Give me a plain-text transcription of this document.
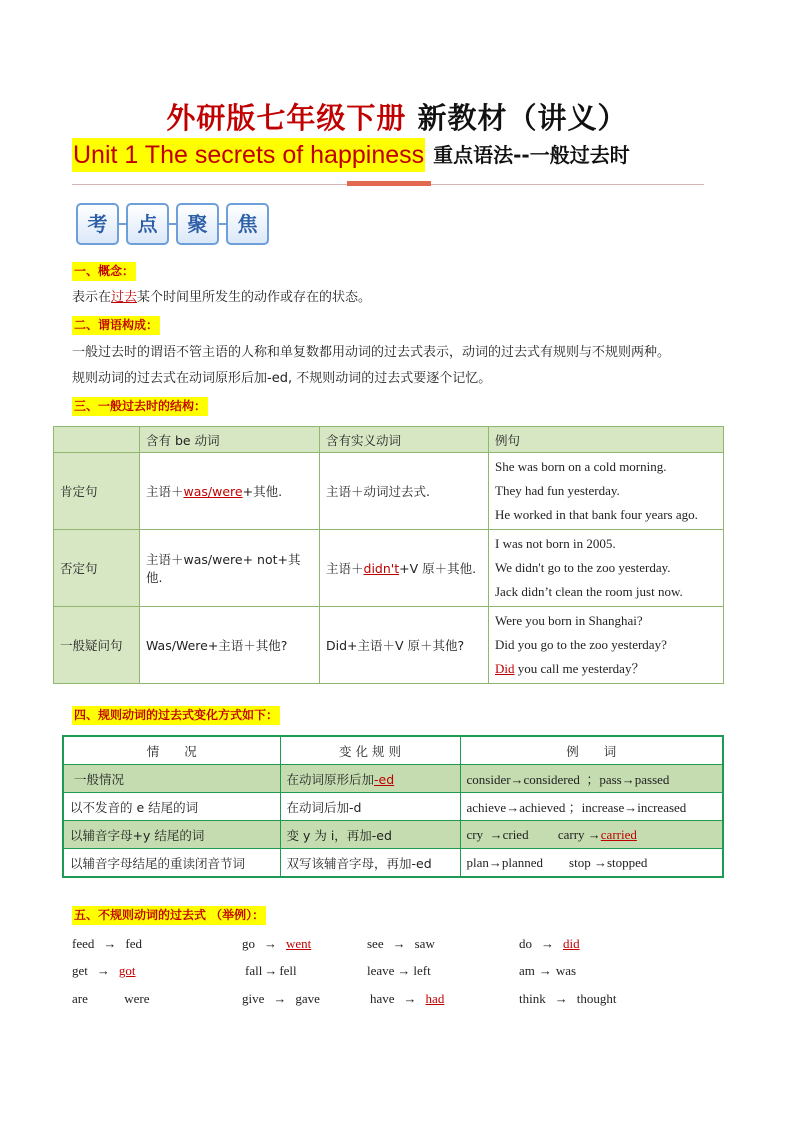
外研版七年级下册 新教材（讲义）
Unit 1 The secrets of happiness 重点语法--一般过去时
考	点	聚	焦
一、概念：
表示在过去某个时间里所发生的动作或存在的状态。
二、谓语构成：
一般过去时的谓语不管主语的人称和单复数都用动词的过去式表示，动词的过去式有规则与不规则两种。
规则动词的过去式在动词原形后加-ed, 不规则动词的过去式要逐个记忆。
三、一般过去时的结构：
	含有 be 动词	含有实义动词	例句
肯定句	主语＋was/were+其他.	主语＋动词过去式.	She was born on a cold morning.
They had fun yesterday.
He worked in that bank four years ago.

否定句	主语＋was/were+ not+其他.	主语＋didn't+V 原＋其他.	I was not born in 2005.
We didn't go to the zoo yesterday.
Jack didn’t clean the room just now.

一般疑问句	Was/Were+主语＋其他?	Did+主语＋V 原＋其他?	Were you born in Shanghai?
Did you go to the zoo yesterday?
Did you call me yesterday？
四、规则动词的过去式变化方式如下：
情　　况	变 化 规 则	例　　词
一般情况	在动词原形后加-ed	consider→considered  ；pass→passed
以不发音的 e 结尾的词	在动词后加-d	achieve→achieved ；increase→increased
以辅音字母+y 结尾的词	变 y 为 i，再加-ed	cry  →cried         carry →carried
以辅音字母结尾的重读闭音节词	双写该辅音字母，再加-ed	plan→planned        stop →stopped
五、不规则动词的过去式 （举例）：
feed → fed	go → went	see → saw	do → did
get → got	fall → fell	leave → left	am → was
are	were	give → gave	have → had	think → thought
